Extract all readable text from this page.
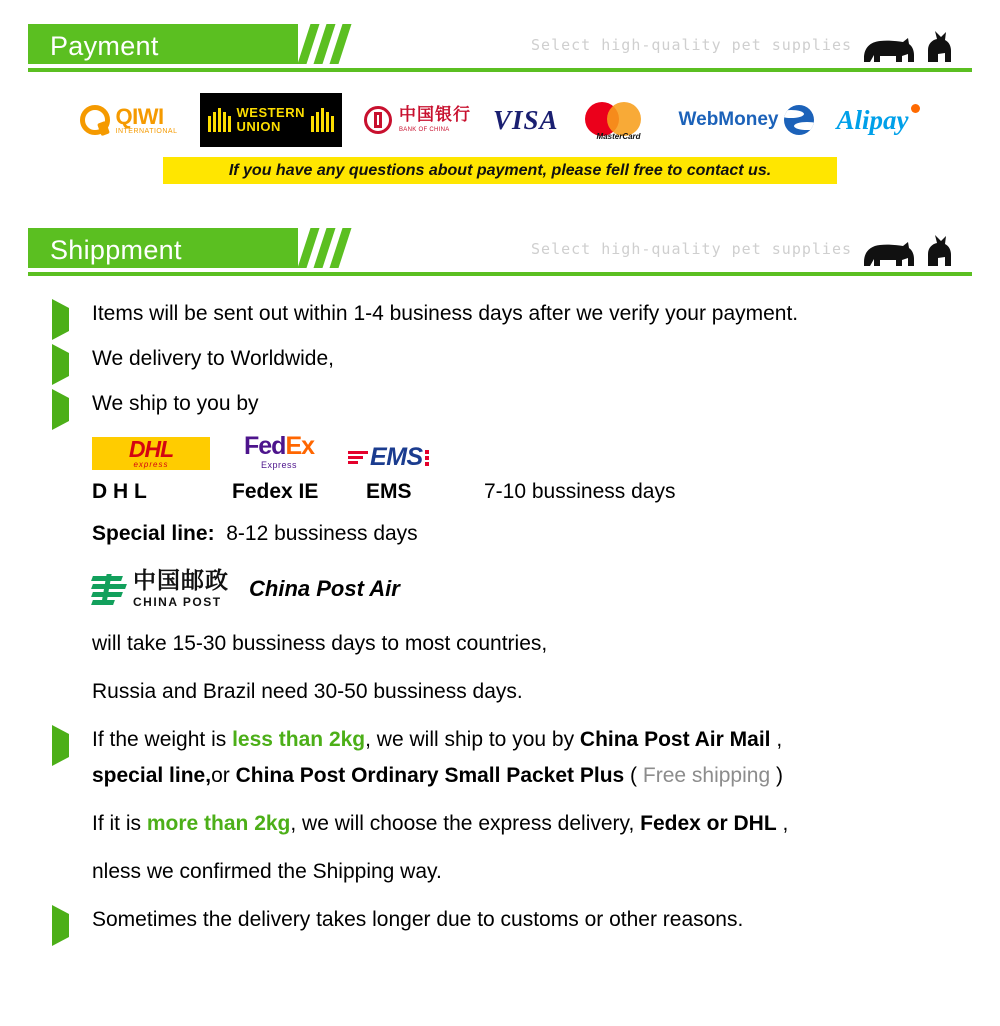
Payment	Select high-quality pet supplies
QIWI
INTERNATIONAL
WESTERN
UNION
中国银行
BANK OF CHINA	VISA
MasterCard
WebMoney Alipay
If you have any questions about payment, please fell free to contact us.
Shippment	Select high-quality pet supplies
Items will be sent out within 1-4 business days after we verify your payment.
We delivery to Worldwide,
We ship to you by
DHL
express
FedEx
Express	EMS
D H L	Fedex IE	EMS	7-10 bussiness days
Special line: 8-12 bussiness days
中国邮政
CHINA POST
China Post Air
will take 15-30 bussiness days to most countries,
Russia and Brazil need 30-50 bussiness days.
If the weight is less than 2kg, we will ship to you by China Post Air Mail ,
special line,or China Post Ordinary Small Packet Plus ( Free shipping )
If it is more than 2kg, we will choose the express delivery, Fedex or DHL ,
nless we confirmed the Shipping way.
Sometimes the delivery takes longer due to customs or other reasons.
